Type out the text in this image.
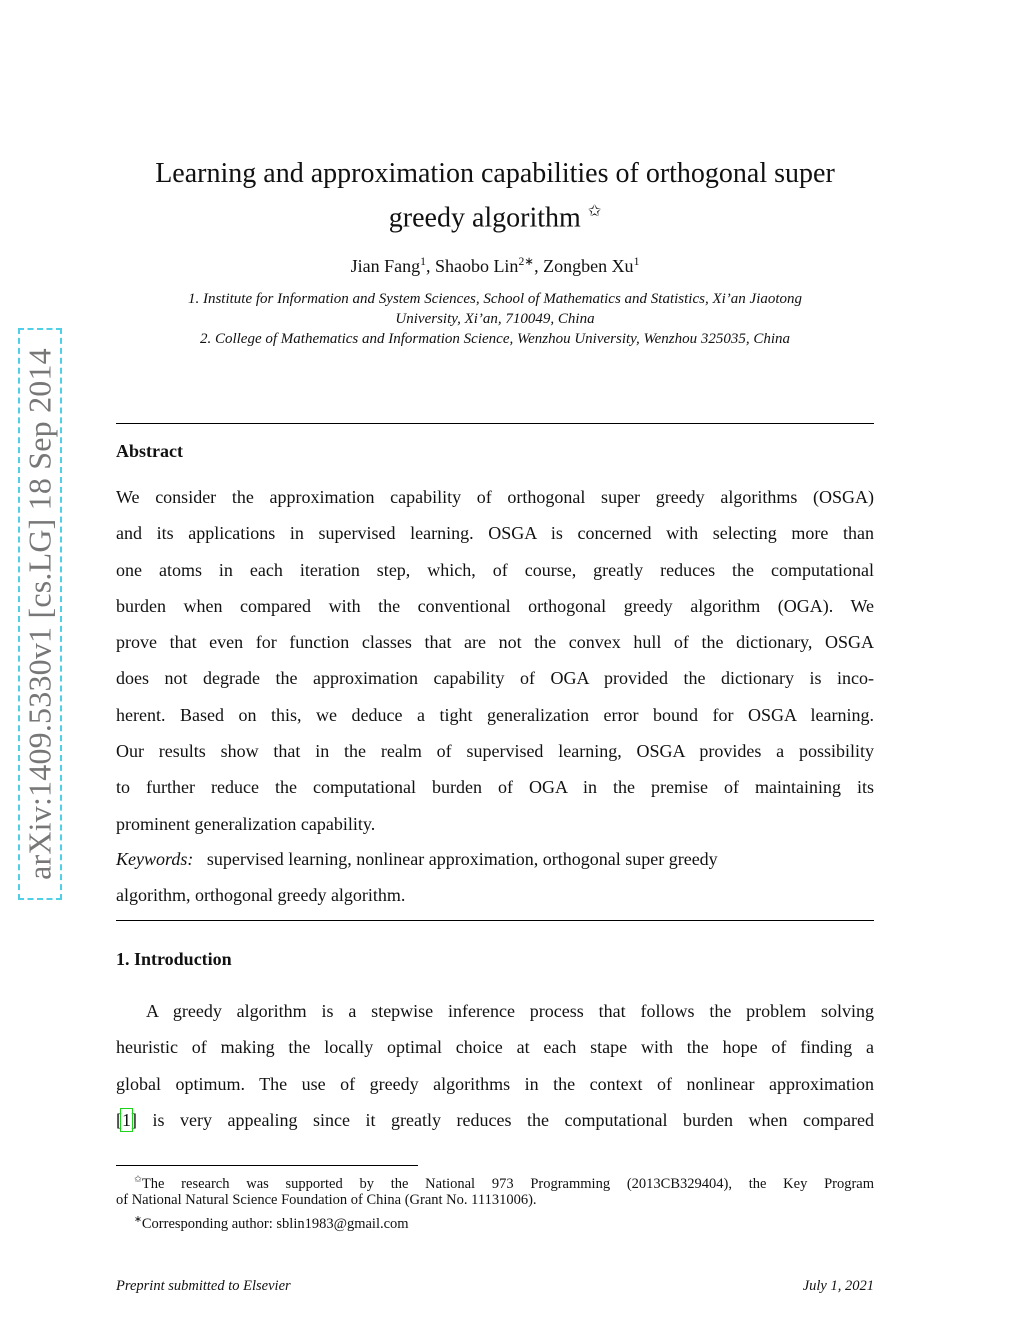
arXiv:1409.5330v1 [cs.LG] 18 Sep 2014
Learning and approximation capabilities of orthogonal super
greedy algorithm ✩
Jian Fang$^1$, Shaobo Lin$^{2∗}$, Zongben Xu$^1$
1. Institute for Information and System Sciences, School of Mathematics and Statistics, Xi’an Jiaotong
University, Xi’an, 710049, China
2. College of Mathematics and Information Science, Wenzhou University, Wenzhou 325035, China
Abstract
We consider the approximation capability of orthogonal super greedy algorithms (OSGA)
and its applications in supervised learning. OSGA is concerned with selecting more than
one atoms in each iteration step, which, of course, greatly reduces the computational
burden when compared with the conventional orthogonal greedy algorithm (OGA). We
prove that even for function classes that are not the convex hull of the dictionary, OSGA
does not degrade the approximation capability of OGA provided the dictionary is inco-
herent. Based on this, we deduce a tight generalization error bound for OSGA learning.
Our results show that in the realm of supervised learning, OSGA provides a possibility
to further reduce the computational burden of OGA in the premise of maintaining its
prominent generalization capability.
Keywords: supervised learning, nonlinear approximation, orthogonal super greedy
algorithm, orthogonal greedy algorithm.
1. Introduction
A greedy algorithm is a stepwise inference process that follows the problem solving
heuristic of making the locally optimal choice at each stape with the hope of finding a
global optimum. The use of greedy algorithms in the context of nonlinear approximation
[1] is very appealing since it greatly reduces the computational burden when compared
✩The research was supported by the National 973 Programming (2013CB329404), the Key Program
of National Natural Science Foundation of China (Grant No. 11131006).
∗Corresponding author: sblin1983@gmail.com
Preprint submitted to Elsevier	July 1, 2021
